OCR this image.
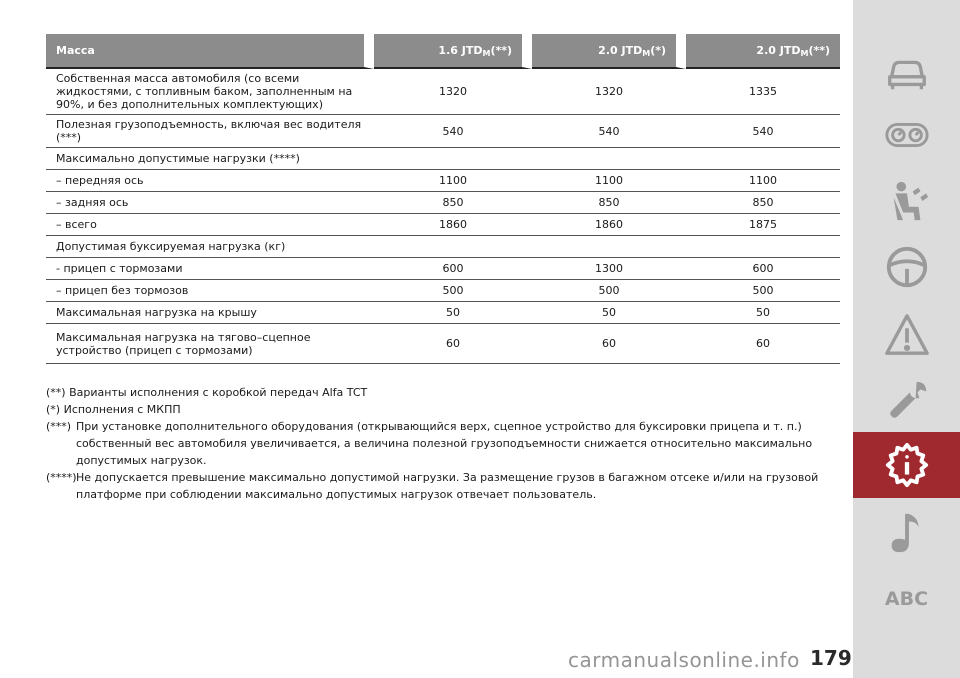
Масса	1.6 $JTD_M(**)$	2.0 $JTD_M(*)$	2.0 $JTD_M(**)$
Собственная масса автомобиля (со всеми жидкостями, с топливным баком, заполненным на 90%, и без дополнительных комплектующих)	1320	1320	1335
Полезная грузоподъемность, включая вес водителя (***)	540	540	540
Максимально допустимые нагрузки (****)			
– передняя ось	1100	1100	1100
– задняя ось	850	850	850
– всего	1860	1860	1875
Допустимая буксируемая нагрузка (кг)			
- прицеп с тормозами	600	1300	600
– прицеп без тормозов	500	500	500
Максимальная нагрузка на крышу	50	50	50
Максимальная нагрузка на тягово–сцепное устройство (прицеп с тормозами)	60	60	60
(**) Варианты исполнения с коробкой передач Alfa TCT
(*) Исполнения с МКПП
(***) При установке дополнительного оборудования (открывающийся верх, сцепное устройство для буксировки прицепа и т. п.) собственный вес автомобиля увеличивается, а величина полезной грузоподъемности снижается относительно максимально допустимых нагрузок.
(****)
Не допускается превышение максимально допустимой нагрузки. За размещение грузов в багажном отсеке и/или на грузовой платформе при соблюдении максимально допустимых нагрузок отвечает пользователь.
carmanualsonline.info 179
ABC
